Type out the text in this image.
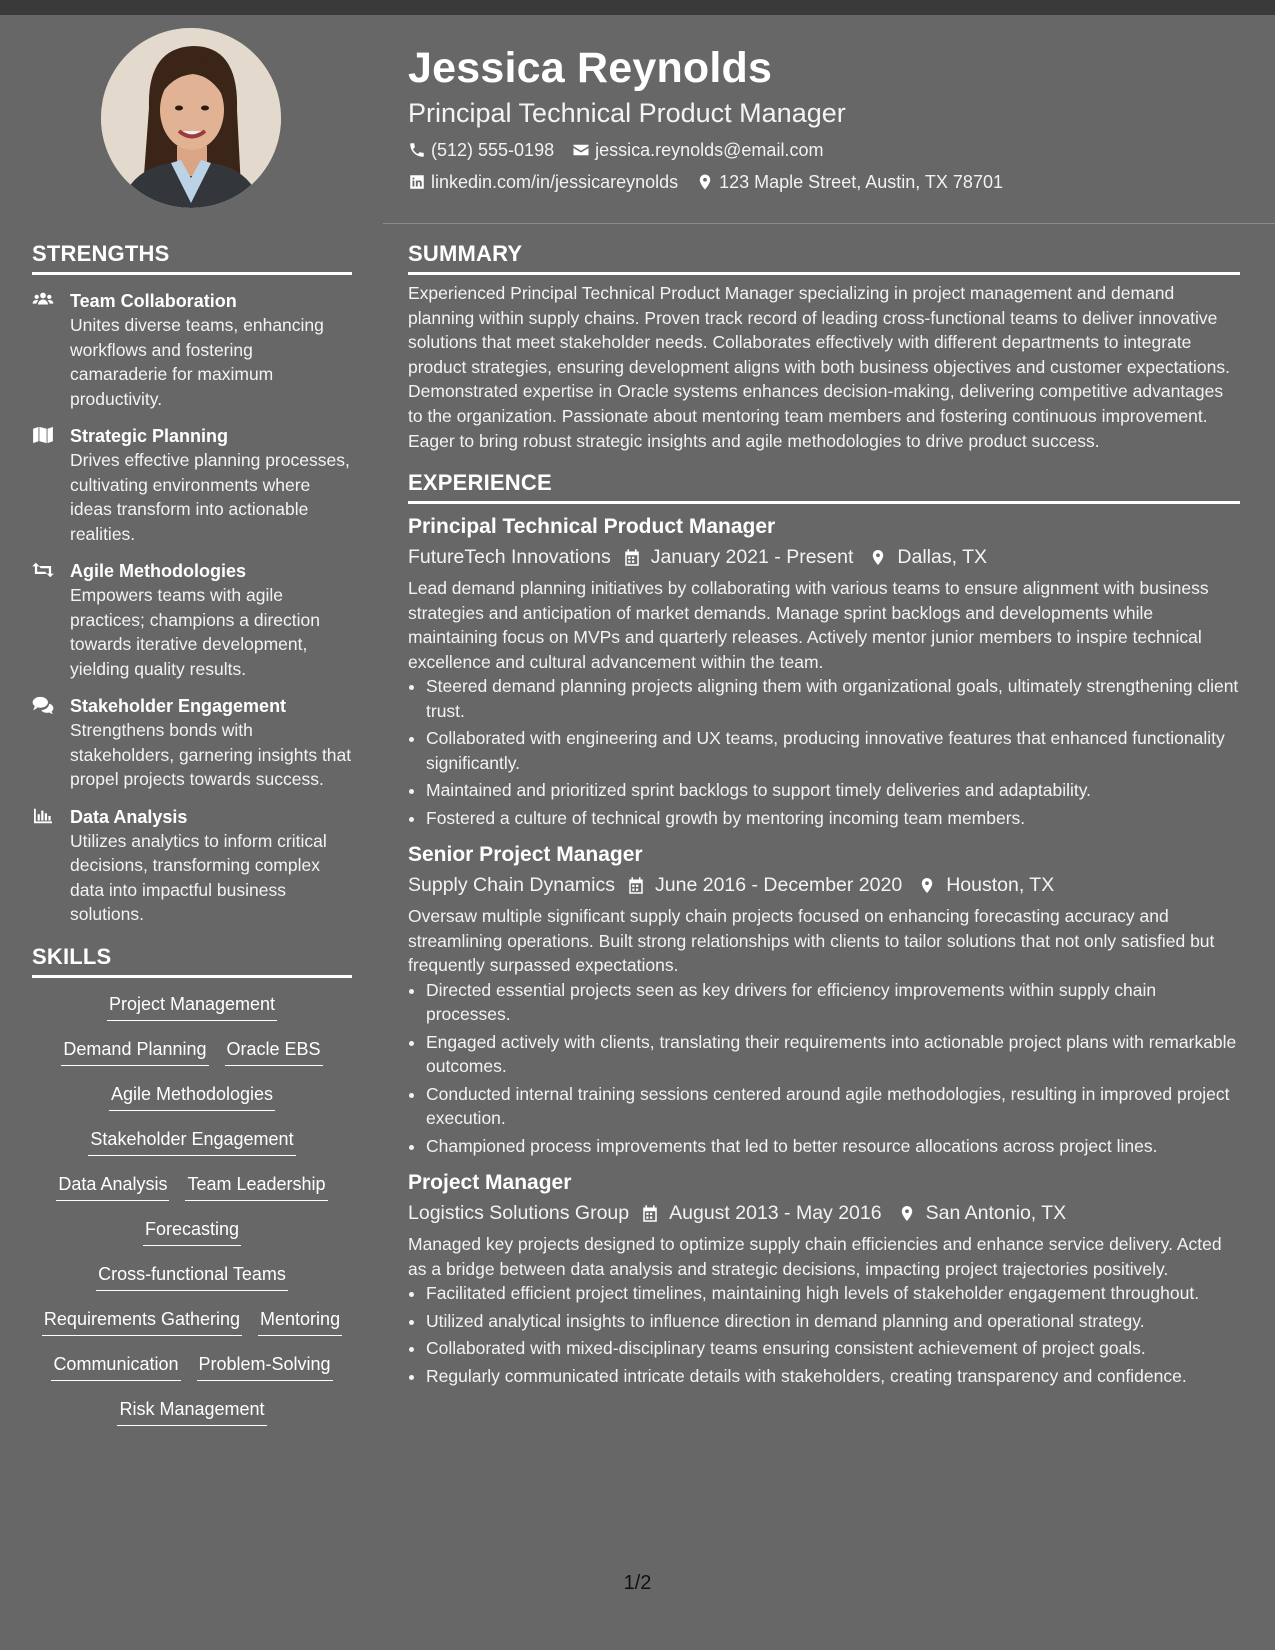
Jessica Reynolds
Principal Technical Product Manager
(512) 555-0198 jessica.reynolds@email.com
linkedin.com/in/jessicareynolds 123 Maple Street, Austin, TX 78701
STRENGTHS
Team Collaboration
Unites diverse teams, enhancing workflows and fostering camaraderie for maximum productivity.
Strategic Planning
Drives effective planning processes, cultivating environments where ideas transform into actionable realities.
Agile Methodologies
Empowers teams with agile practices; champions a direction towards iterative development, yielding quality results.
Stakeholder Engagement
Strengthens bonds with stakeholders, garnering insights that propel projects towards success.
Data Analysis
Utilizes analytics to inform critical decisions, transforming complex data into impactful business solutions.
SKILLS
Project Management
Demand Planning Oracle EBS
Agile Methodologies
Stakeholder Engagement
Data Analysis Team Leadership
Forecasting
Cross-functional Teams
Requirements Gathering Mentoring
Communication Problem-Solving
Risk Management
SUMMARY
Experienced Principal Technical Product Manager specializing in project management and demand planning within supply chains. Proven track record of leading cross-functional teams to deliver innovative solutions that meet stakeholder needs. Collaborates effectively with different departments to integrate product strategies, ensuring development aligns with both business objectives and customer expectations. Demonstrated expertise in Oracle systems enhances decision-making, delivering competitive advantages to the organization. Passionate about mentoring team members and fostering continuous improvement. Eager to bring robust strategic insights and agile methodologies to drive product success.
EXPERIENCE
Principal Technical Product Manager
FutureTech Innovations January 2021 - Present Dallas, TX
Lead demand planning initiatives by collaborating with various teams to ensure alignment with business strategies and anticipation of market demands. Manage sprint backlogs and developments while maintaining focus on MVPs and quarterly releases. Actively mentor junior members to inspire technical excellence and cultural advancement within the team.
• Steered demand planning projects aligning them with organizational goals, ultimately strengthening client trust.
• Collaborated with engineering and UX teams, producing innovative features that enhanced functionality significantly.
• Maintained and prioritized sprint backlogs to support timely deliveries and adaptability.
• Fostered a culture of technical growth by mentoring incoming team members.
Senior Project Manager
Supply Chain Dynamics June 2016 - December 2020 Houston, TX
Oversaw multiple significant supply chain projects focused on enhancing forecasting accuracy and streamlining operations. Built strong relationships with clients to tailor solutions that not only satisfied but frequently surpassed expectations.
• Directed essential projects seen as key drivers for efficiency improvements within supply chain processes.
• Engaged actively with clients, translating their requirements into actionable project plans with remarkable outcomes.
• Conducted internal training sessions centered around agile methodologies, resulting in improved project execution.
• Championed process improvements that led to better resource allocations across project lines.
Project Manager
Logistics Solutions Group August 2013 - May 2016 San Antonio, TX
Managed key projects designed to optimize supply chain efficiencies and enhance service delivery. Acted as a bridge between data analysis and strategic decisions, impacting project trajectories positively.
• Facilitated efficient project timelines, maintaining high levels of stakeholder engagement throughout.
• Utilized analytical insights to influence direction in demand planning and operational strategy.
• Collaborated with mixed-disciplinary teams ensuring consistent achievement of project goals.
• Regularly communicated intricate details with stakeholders, creating transparency and confidence.
1/2
